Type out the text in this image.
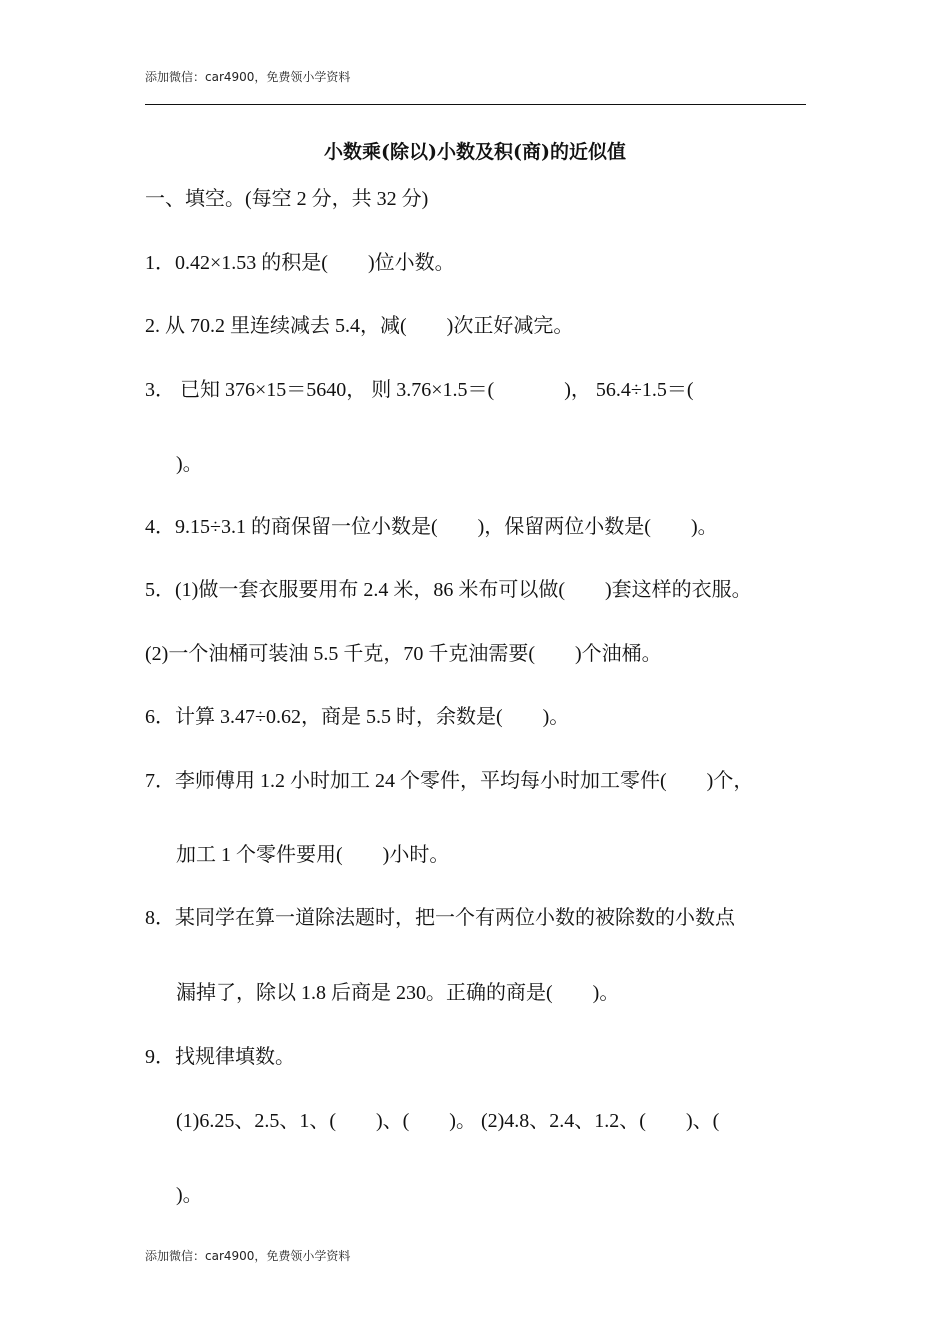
添加微信：car4900，免费领小学资料
小数乘(除以)小数及积(商)的近似值
一、填空。(每空 2 分，共 32 分)
1．0.42×1.53 的积是(        )位小数。
2. 从 70.2 里连续减去 5.4，减(        )次正好减完。
3． 已知 376×15＝5640， 则 3.76×1.5＝(              )， 56.4÷1.5＝(
)。
4．9.15÷3.1 的商保留一位小数是(        )，保留两位小数是(        )。
5．(1)做一套衣服要用布 2.4 米，86 米布可以做(        )套这样的衣服。
(2)一个油桶可装油 5.5 千克，70 千克油需要(        )个油桶。
6．计算 3.47÷0.62，商是 5.5 时，余数是(        )。
7．李师傅用 1.2 小时加工 24 个零件，平均每小时加工零件(        )个，
加工 1 个零件要用(        )小时。
8．某同学在算一道除法题时，把一个有两位小数的被除数的小数点
漏掉了，除以 1.8 后商是 230。正确的商是(        )。
9．找规律填数。
(1)6.25、2.5、1、(        )、(        )。 (2)4.8、2.4、1.2、(        )、(
)。
添加微信：car4900，免费领小学资料
